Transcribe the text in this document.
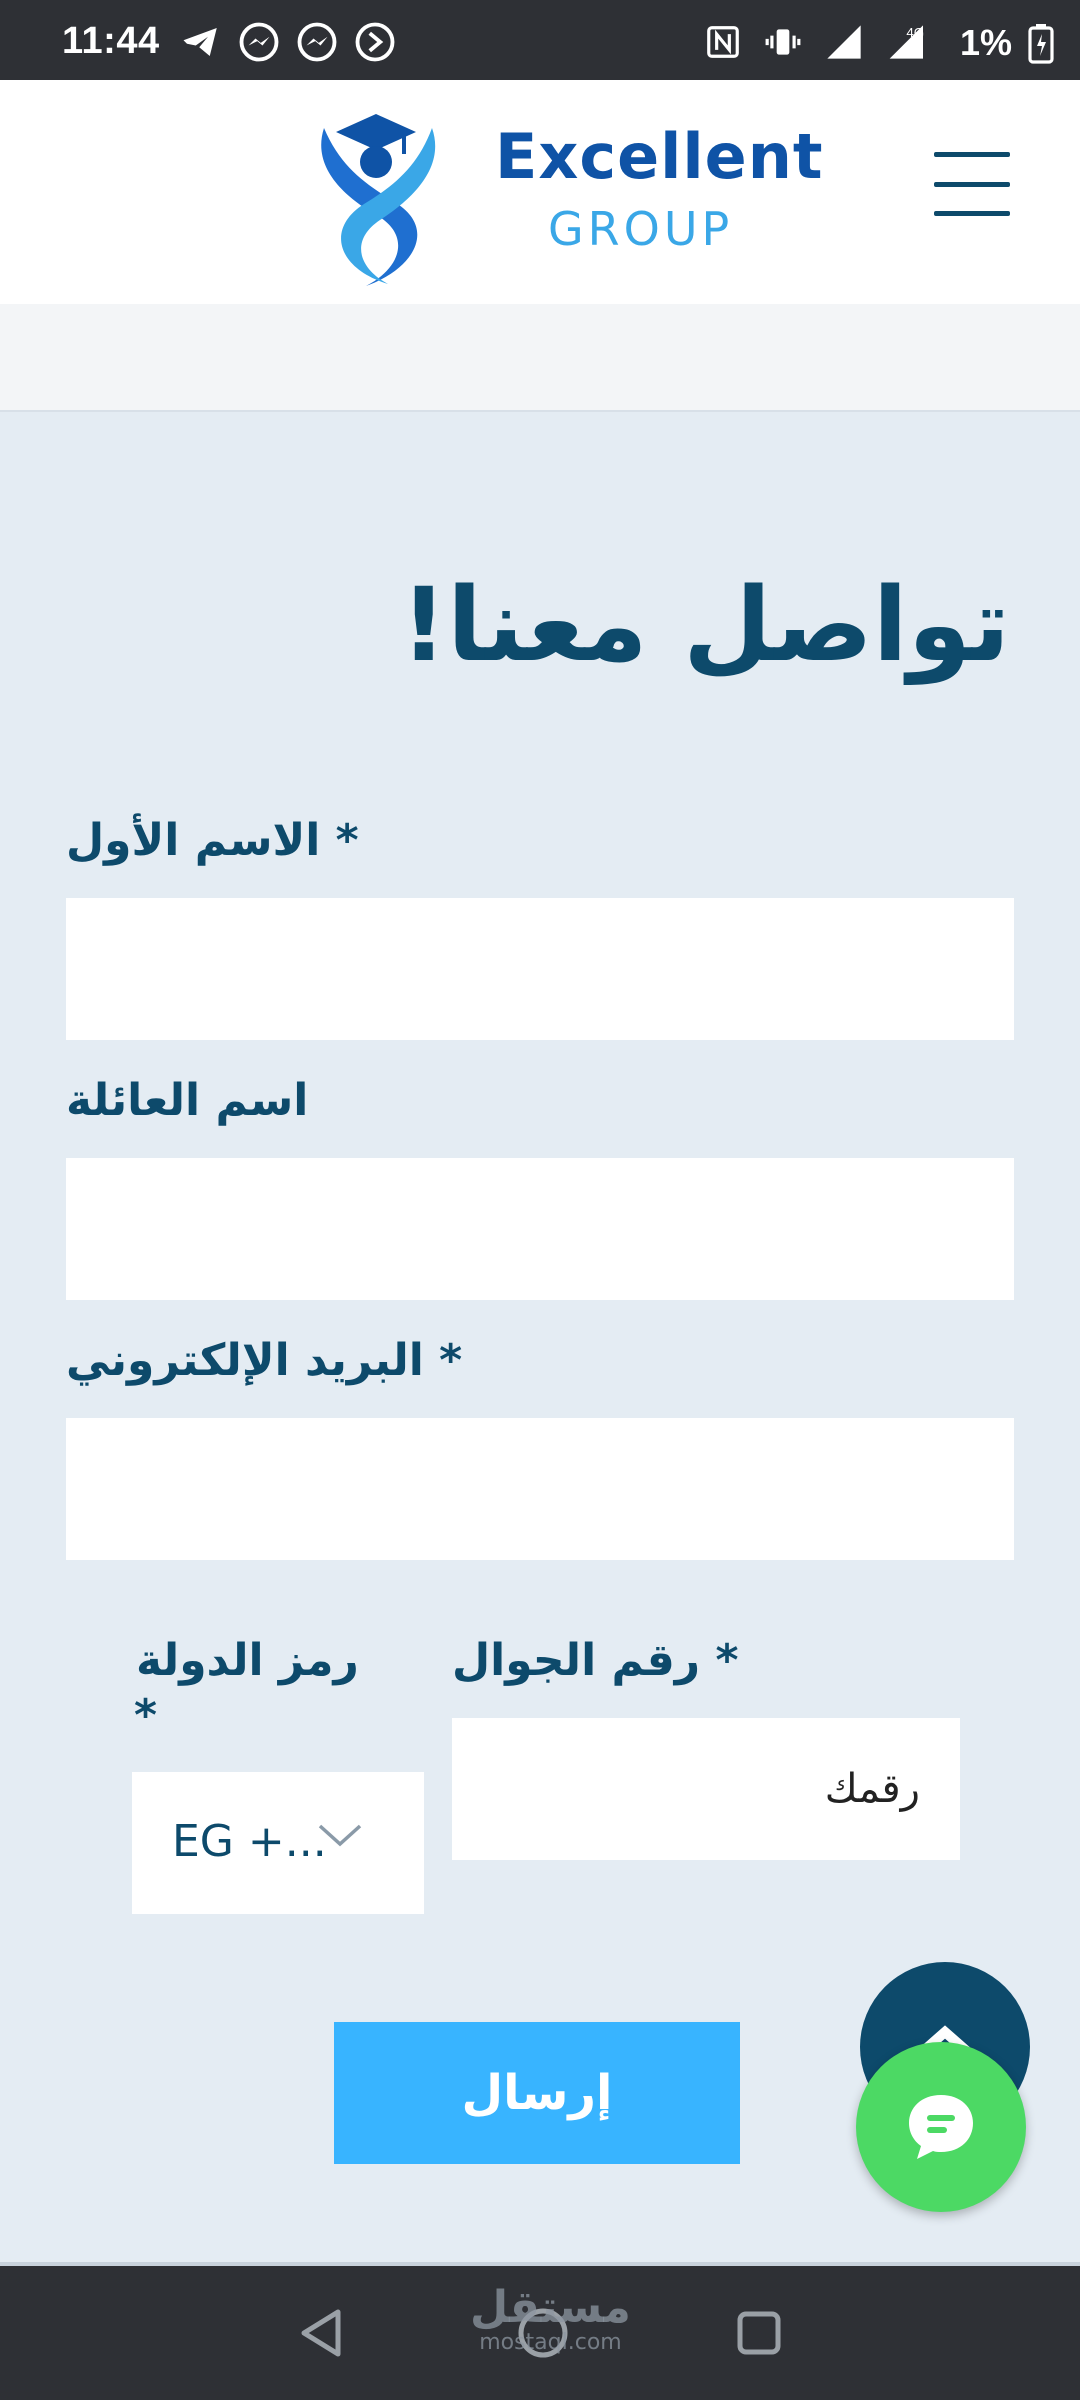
11:44	4G 1%
Excellent
GROUP
تواصل معنا!
* الاسم الأول
اسم العائلة
* البريد الإلكتروني
* رقم الجوال
رقمك
رمز الدولة
*
EG +...
إرسال
مستقل
mostaql.com
